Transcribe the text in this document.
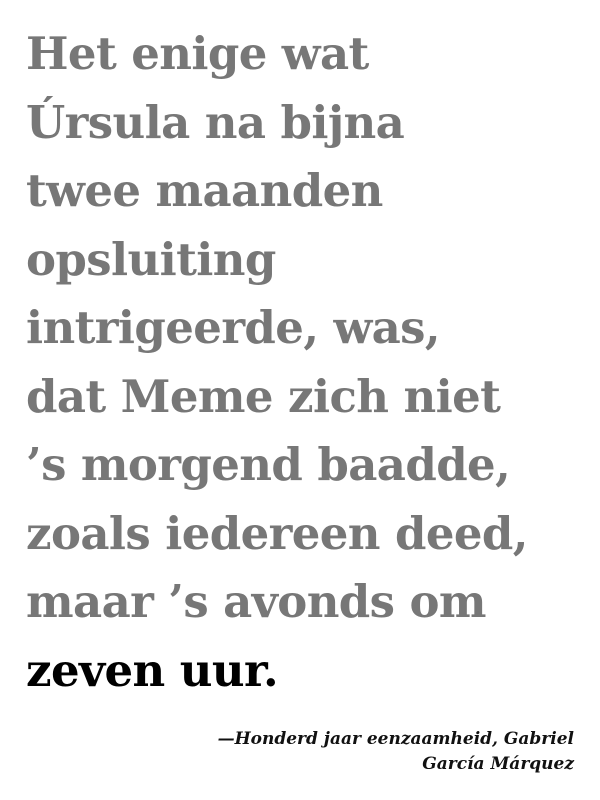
Het enige wat
Úrsula na bijna
twee maanden
opsluiting
intrigeerde, was,
dat Meme zich niet
’s morgend baadde,
zoals iedereen deed,
maar ’s avonds om
zeven uur.
—Honderd jaar eenzaamheid, Gabriel
García Márquez
